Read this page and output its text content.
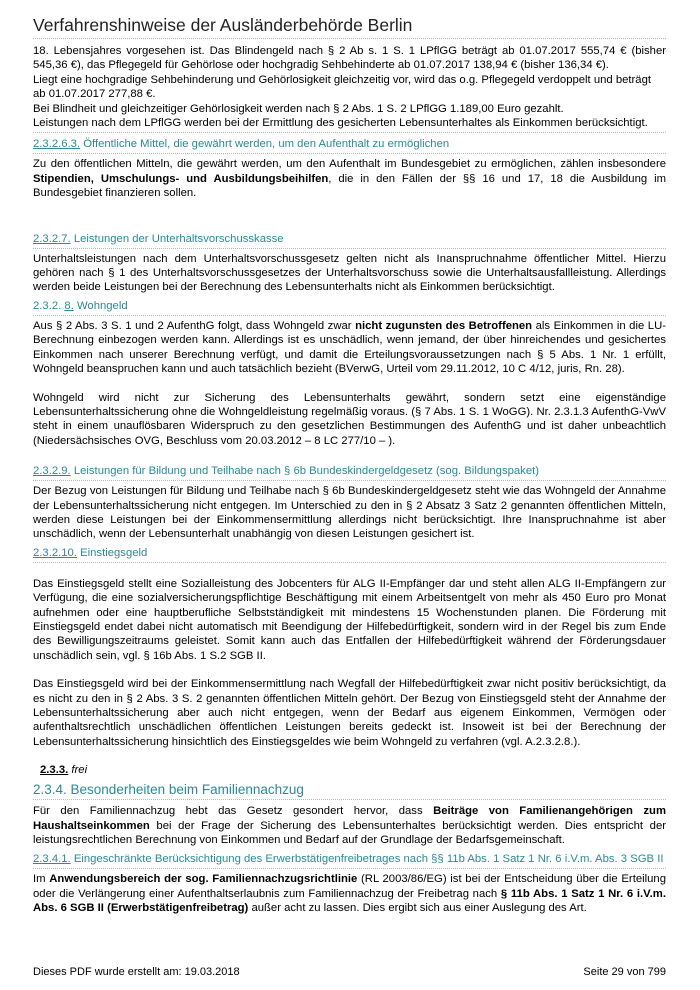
Verfahrenshinweise der Ausländerbehörde Berlin

18. Lebensjahres vorgesehen ist. Das Blindengeld nach § 2 Ab s. 1 S. 1 LPflGG beträgt ab 01.07.2017 555,74 € (bisher 545,36 €), das Pflegegeld für Gehörlose oder hochgradig Sehbehinderte ab 01.07.2017 138,94 € (bisher 136,34 €).

Liegt eine hochgradige Sehbehinderung und Gehörlosigkeit gleichzeitig vor, wird das o.g. Pflegegeld verdoppelt und beträgt ab 01.07.2017 277,88 €.

Bei Blindheit und gleichzeitiger Gehörlosigkeit werden nach § 2 Abs. 1 S. 2 LPflGG 1.189,00 Euro gezahlt.

Leistungen nach dem LPflGG werden bei der Ermittlung des gesicherten Lebensunterhaltes als Einkommen berücksichtigt.

2.3.2.6.3. Öffentliche Mittel, die gewährt werden, um den Aufenthalt zu ermöglichen

Zu den öffentlichen Mitteln, die gewährt werden, um den Aufenthalt im Bundesgebiet zu ermöglichen, zählen insbesondere Stipendien, Umschulungs- und Ausbildungsbeihilfen, die in den Fällen der §§ 16 und 17, 18 die Ausbildung im Bundesgebiet finanzieren sollen.

2.3.2.7. Leistungen der Unterhaltsvorschusskasse

Unterhaltsleistungen nach dem Unterhaltsvorschussgesetz gelten nicht als Inanspruchnahme öffentlicher Mittel. Hierzu gehören nach § 1 des Unterhaltsvorschussgesetzes der Unterhaltsvorschuss sowie die Unterhaltsausfallleistung. Allerdings werden beide Leistungen bei der Berechnung des Lebensunterhalts nicht als Einkommen berücksichtigt.

2.3.2. 8. Wohngeld

Aus § 2 Abs. 3 S. 1 und 2 AufenthG folgt, dass Wohngeld zwar nicht zugunsten des Betroffenen als Einkommen in die LU- Berechnung einbezogen werden kann. Allerdings ist es unschädlich, wenn jemand, der über hinreichendes und gesichertes Einkommen nach unserer Berechnung verfügt, und damit die Erteilungsvoraussetzungen nach § 5 Abs. 1 Nr. 1 erfüllt, Wohngeld beanspruchen kann und auch tatsächlich bezieht (BVerwG, Urteil vom 29.11.2012, 10 C 4/12, juris, Rn. 28).

Wohngeld wird nicht zur Sicherung des Lebensunterhalts gewährt, sondern setzt eine eigenständige Lebensunterhaltssicherung ohne die Wohngeldleistung regelmäßig voraus. (§ 7 Abs. 1 S. 1 WoGG). Nr. 2.3.1.3 AufenthG-VwV steht in einem unauflösbaren Widerspruch zu den gesetzlichen Bestimmungen des AufenthG und ist daher unbeachtlich (Niedersächsisches OVG, Beschluss vom 20.03.2012 – 8 LC 277/10 – ).

2.3.2.9. Leistungen für Bildung und Teilhabe nach § 6b Bundeskindergeldgesetz (sog. Bildungspaket)

Der Bezug von Leistungen für Bildung und Teilhabe nach § 6b Bundeskindergeldgesetz steht wie das Wohngeld der Annahme der Lebensunterhaltssicherung nicht entgegen. Im Unterschied zu den in § 2 Absatz 3 Satz 2 genannten öffentlichen Mitteln, werden diese Leistungen bei der Einkommensermittlung allerdings nicht berücksichtigt. Ihre Inanspruchnahme ist aber unschädlich, wenn der Lebensunterhalt unabhängig von diesen Leistungen gesichert ist.

2.3.2.10. Einstiegsgeld

Das Einstiegsgeld stellt eine Sozialleistung des Jobcenters für ALG II-Empfänger dar und steht allen ALG II-Empfängern zur Verfügung, die eine sozialversicherungspflichtige Beschäftigung mit einem Arbeitsentgelt von mehr als 450 Euro pro Monat aufnehmen oder eine hauptberufliche Selbstständigkeit mit mindestens 15 Wochenstunden planen. Die Förderung mit Einstiegsgeld endet dabei nicht automatisch mit Beendigung der Hilfebedürftigkeit, sondern wird in der Regel bis zum Ende des Bewilligungszeitraums geleistet. Somit kann auch das Entfallen der Hilfebedürftigkeit während der Förderungsdauer unschädlich sein, vgl. § 16b Abs. 1 S.2 SGB II.

Das Einstiegsgeld wird bei der Einkommensermittlung nach Wegfall der Hilfebedürftigkeit zwar nicht positiv berücksichtigt, da es nicht zu den in § 2 Abs. 3 S. 2 genannten öffentlichen Mitteln gehört. Der Bezug von Einstiegsgeld steht der Annahme der Lebensunterhaltssicherung aber auch nicht entgegen, wenn der Bedarf aus eigenem Einkommen, Vermögen oder aufenthaltsrechtlich unschädlichen öffentlichen Leistungen bereits gedeckt ist. Insoweit ist bei der Berechnung der Lebensunterhaltssicherung hinsichtlich des Einstiegsgeldes wie beim Wohngeld zu verfahren (vgl. A.2.3.2.8.).

2.3.3. frei
2.3.4. Besonderheiten beim Familiennachzug

Für den Familiennachzug hebt das Gesetz gesondert hervor, dass Beiträge von Familienangehörigen zum Haushaltseinkommen bei der Frage der Sicherung des Lebensunterhaltes berücksichtigt werden. Dies entspricht der leistungsrechtlichen Berechnung von Einkommen und Bedarf auf der Grundlage der Bedarfsgemeinschaft.

2.3.4.1. Eingeschränkte Berücksichtigung des Erwerbstätigenfreibetrages nach §§ 11b Abs. 1 Satz 1 Nr. 6 i.V.m. Abs. 3 SGB II

Im Anwendungsbereich der sog. Familiennachzugsrichtlinie (RL 2003/86/EG) ist bei der Entscheidung über die Erteilung oder die Verlängerung einer Aufenthaltserlaubnis zum Familiennachzug der Freibetrag nach § 11b Abs. 1 Satz 1 Nr. 6 i.V.m. Abs. 6 SGB II (Erwerbstätigenfreibetrag) außer acht zu lassen. Dies ergibt sich aus einer Auslegung des Art.

Dieses PDF wurde erstellt am: 19.03.2018	Seite 29 von 799
